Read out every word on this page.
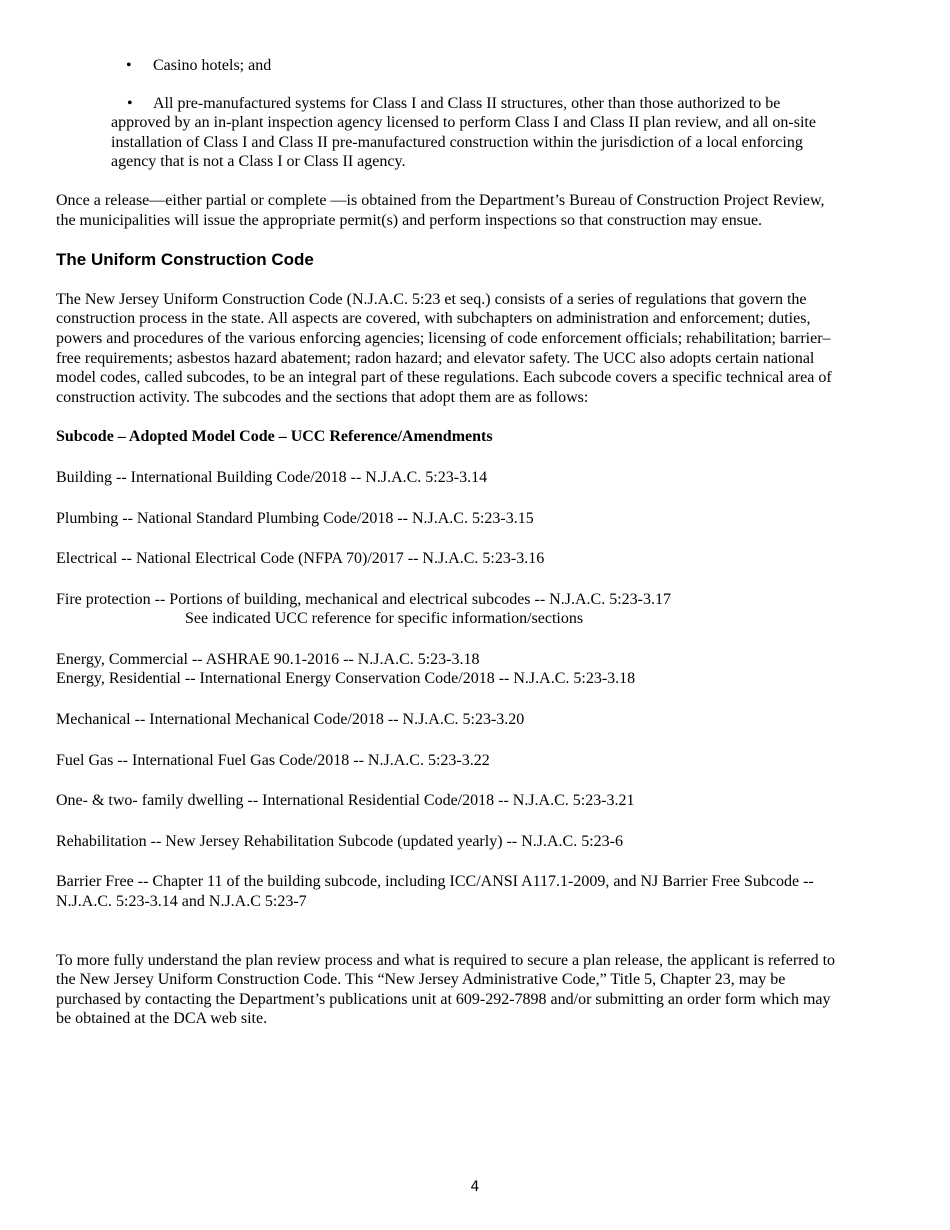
•	Casino hotels; and
• All pre-manufactured systems for Class I and Class II structures, other than those authorized to be approved by an in-plant inspection agency licensed to perform Class I and Class II plan review, and all on-site installation of Class I and Class II pre-manufactured construction within the jurisdiction of a local enforcing agency that is not a Class I or Class II agency.

Once a release—either partial or complete —is obtained from the Department’s Bureau of Construction Project Review, the municipalities will issue the appropriate permit(s) and perform inspections so that construction may ensue.

The Uniform Construction Code

The New Jersey Uniform Construction Code (N.J.A.C. 5:23 et seq.) consists of a series of regulations that govern the construction process in the state. All aspects are covered, with subchapters on administration and enforcement; duties, powers and procedures of the various enforcing agencies; licensing of code enforcement officials; rehabilitation; barrier–free requirements; asbestos hazard abatement; radon hazard; and elevator safety. The UCC also adopts certain national model codes, called subcodes, to be an integral part of these regulations. Each subcode covers a specific technical area of construction activity. The subcodes and the sections that adopt them are as follows:

Subcode – Adopted Model Code – UCC Reference/Amendments

Building -- International Building Code/2018 -- N.J.A.C. 5:23-3.14

Plumbing -- National Standard Plumbing Code/2018 -- N.J.A.C. 5:23-3.15

Electrical -- National Electrical Code (NFPA 70)/2017 -- N.J.A.C. 5:23-3.16

Fire protection -- Portions of building, mechanical and electrical subcodes -- N.J.A.C. 5:23-3.17

See indicated UCC reference for specific information/sections

Energy, Commercial -- ASHRAE 90.1-2016 -- N.J.A.C. 5:23-3.18

Energy, Residential -- International Energy Conservation Code/2018 -- N.J.A.C. 5:23-3.18

Mechanical -- International Mechanical Code/2018 -- N.J.A.C. 5:23-3.20

Fuel Gas -- International Fuel Gas Code/2018 -- N.J.A.C. 5:23-3.22

One- & two- family dwelling -- International Residential Code/2018 -- N.J.A.C. 5:23-3.21

Rehabilitation -- New Jersey Rehabilitation Subcode (updated yearly) -- N.J.A.C. 5:23-6

Barrier Free -- Chapter 11 of the building subcode, including ICC/ANSI A117.1-2009, and NJ Barrier Free Subcode -- N.J.A.C. 5:23-3.14 and N.J.A.C 5:23-7

To more fully understand the plan review process and what is required to secure a plan release, the applicant is referred to the New Jersey Uniform Construction Code. This “New Jersey Administrative Code,” Title 5, Chapter 23, may be purchased by contacting the Department’s publications unit at 609-292-7898 and/or submitting an order form which may be obtained at the DCA web site.

4
